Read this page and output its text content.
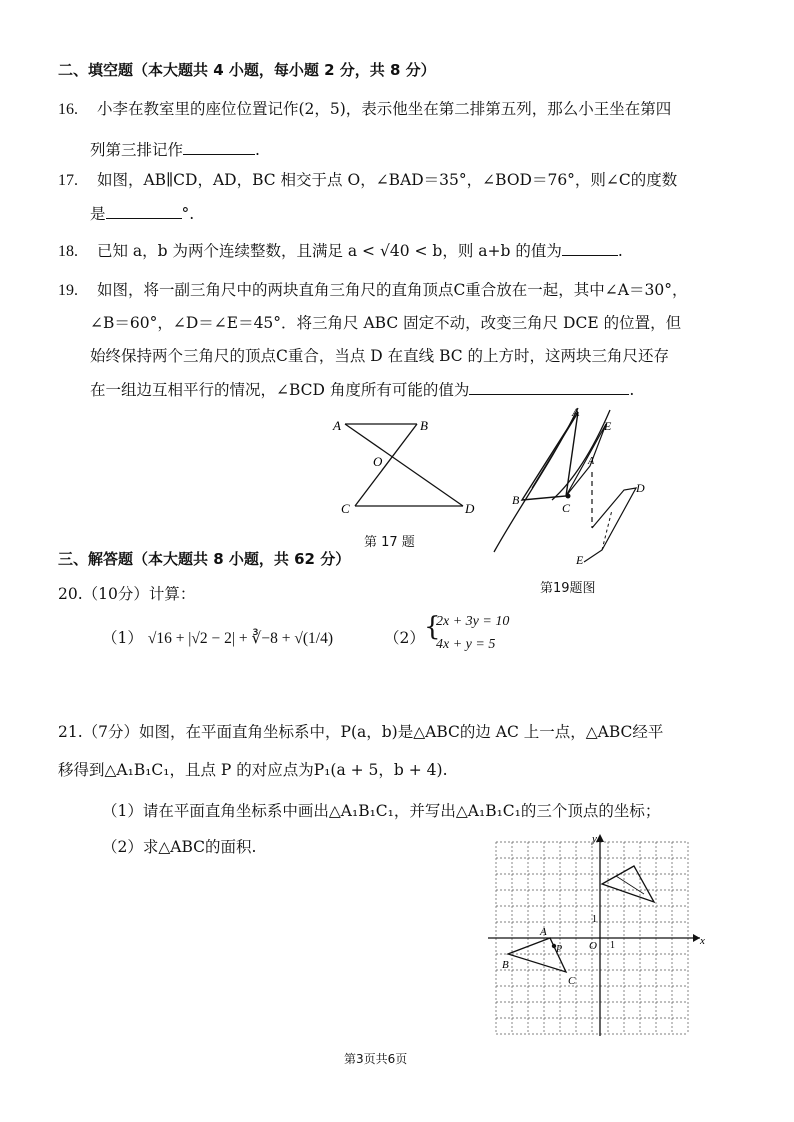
二、填空题（本大题共 4 小题，每小题 2 分，共 8 分）
16. 小李在教室里的座位位置记作(2，5)，表示他坐在第二排第五列，那么小王坐在第四
列第三排记作	.
17. 如图，AB∥CD，AD，BC 相交于点 O，∠BAD＝35°，∠BOD＝76°，则∠C的度数
是	°.
18. 已知 a，b 为两个连续整数，且满足 a < √40 < b，则 a+b 的值为	.
19. 如图，将一副三角尺中的两块直角三角尺的直角顶点C重合放在一起，其中∠A＝30°，
∠B＝60°，∠D＝∠E＝45°．将三角尺 ABC 固定不动，改变三角尺 DCE 的位置，但
始终保持两个三角尺的顶点C重合，当点 D 在直线 BC 的上方时，这两块三角尺还存
在一组边互相平行的情况，∠BCD 角度所有可能的值为	.
A	B
O
C	D
第 17 题
A
E
A
B
C
D
E
第19题图
三、解答题（本大题共 8 小题，共 62 分）
20.（10分）计算：
（1） √16 + |√2 − 2| + ∛−8 + √(1/4)	（2） {
2x + 3y = 10
4x + y = 5
21.（7分）如图，在平面直角坐标系中，P(a，b)是△ABC的边 AC 上一点，△ABC经平
移得到△A₁B₁C₁，且点 P 的对应点为P₁(a + 5，b + 4).
（1）请在平面直角坐标系中画出△A₁B₁C₁，并写出△A₁B₁C₁的三个顶点的坐标；
（2）求△ABC的面积.
x
y
O 1
1
A
B
C
P
第3页共6页
